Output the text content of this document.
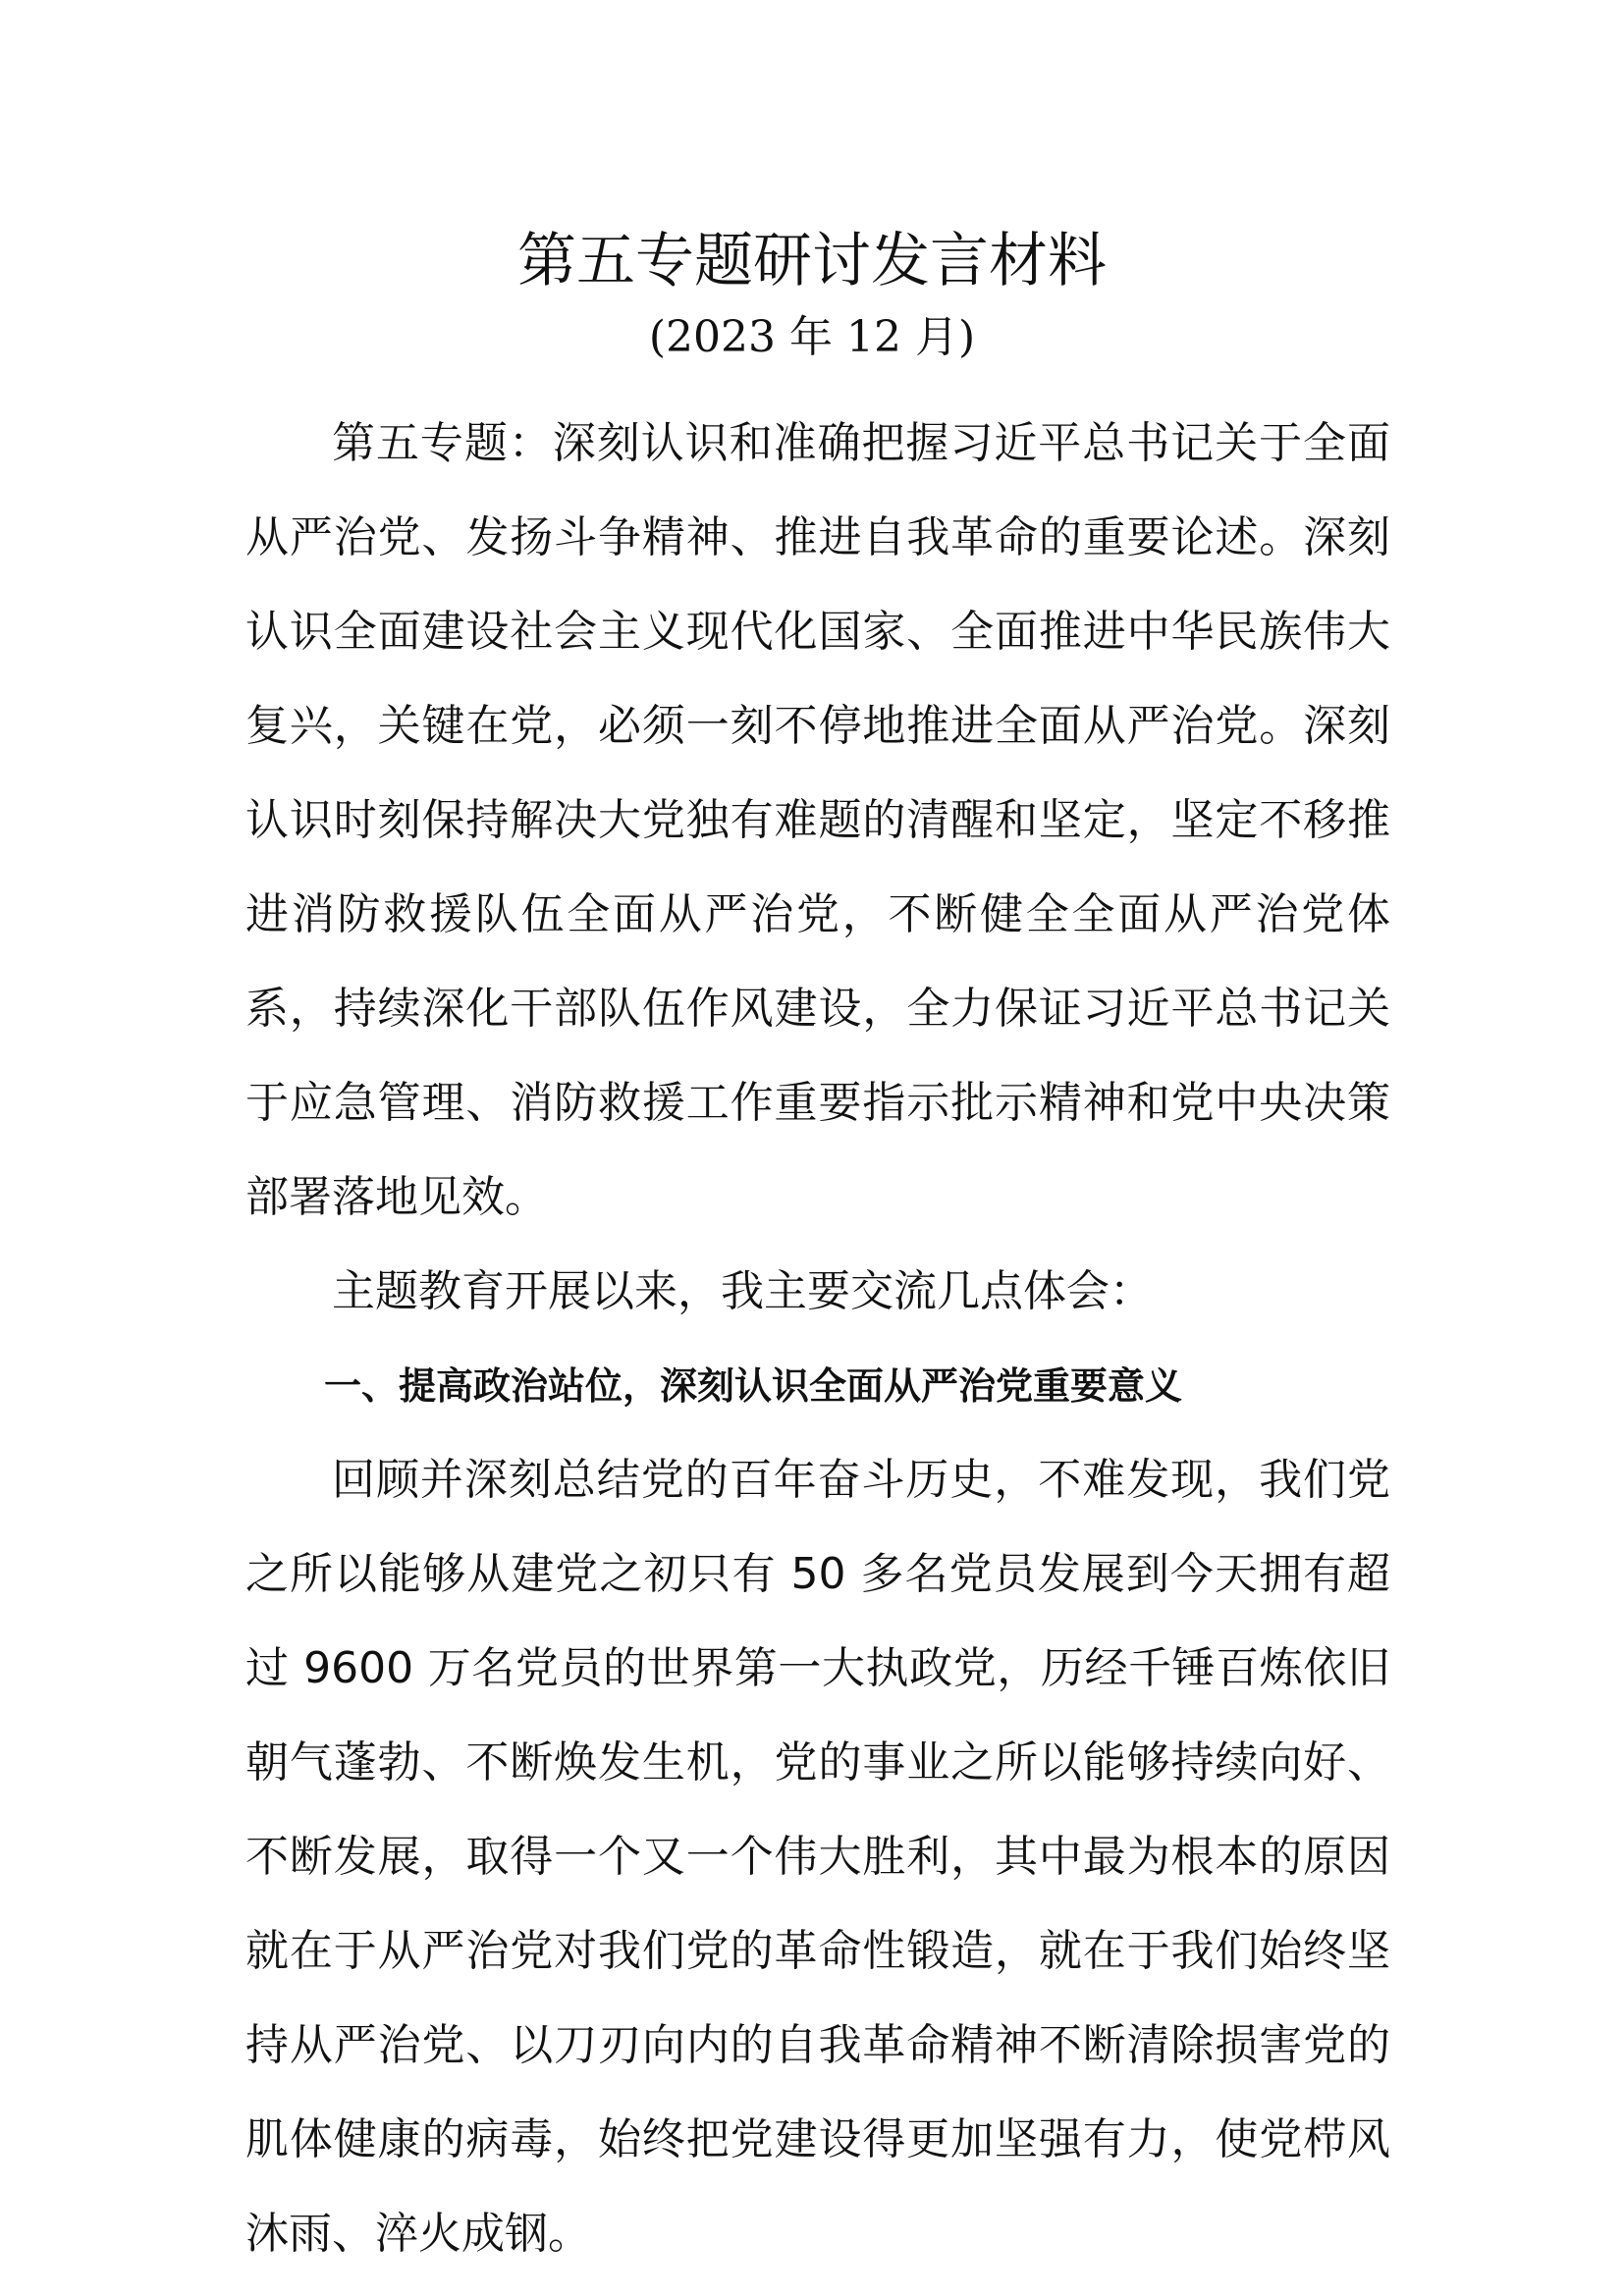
第五专题研讨发言材料
(2023 年 12 月)

第五专题：深刻认识和准确把握习近平总书记关于全面从严治党、发扬斗争精神、推进自我革命的重要论述。深刻认识全面建设社会主义现代化国家、全面推进中华民族伟大复兴，关键在党，必须一刻不停地推进全面从严治党。深刻认识时刻保持解决大党独有难题的清醒和坚定，坚定不移推进消防救援队伍全面从严治党，不断健全全面从严治党体系，持续深化干部队伍作风建设，全力保证习近平总书记关于应急管理、消防救援工作重要指示批示精神和党中央决策部署落地见效。

主题教育开展以来，我主要交流几点体会：

一、提高政治站位，深刻认识全面从严治党重要意义

回顾并深刻总结党的百年奋斗历史，不难发现，我们党之所以能够从建党之初只有 50 多名党员发展到今天拥有超过 9600 万名党员的世界第一大执政党，历经千锤百炼依旧朝气蓬勃、不断焕发生机，党的事业之所以能够持续向好、不断发展，取得一个又一个伟大胜利，其中最为根本的原因就在于从严治党对我们党的革命性锻造，就在于我们始终坚持从严治党、以刀刃向内的自我革命精神不断清除损害党的肌体健康的病毒，始终把党建设得更加坚强有力，使党栉风沐雨、淬火成钢。
